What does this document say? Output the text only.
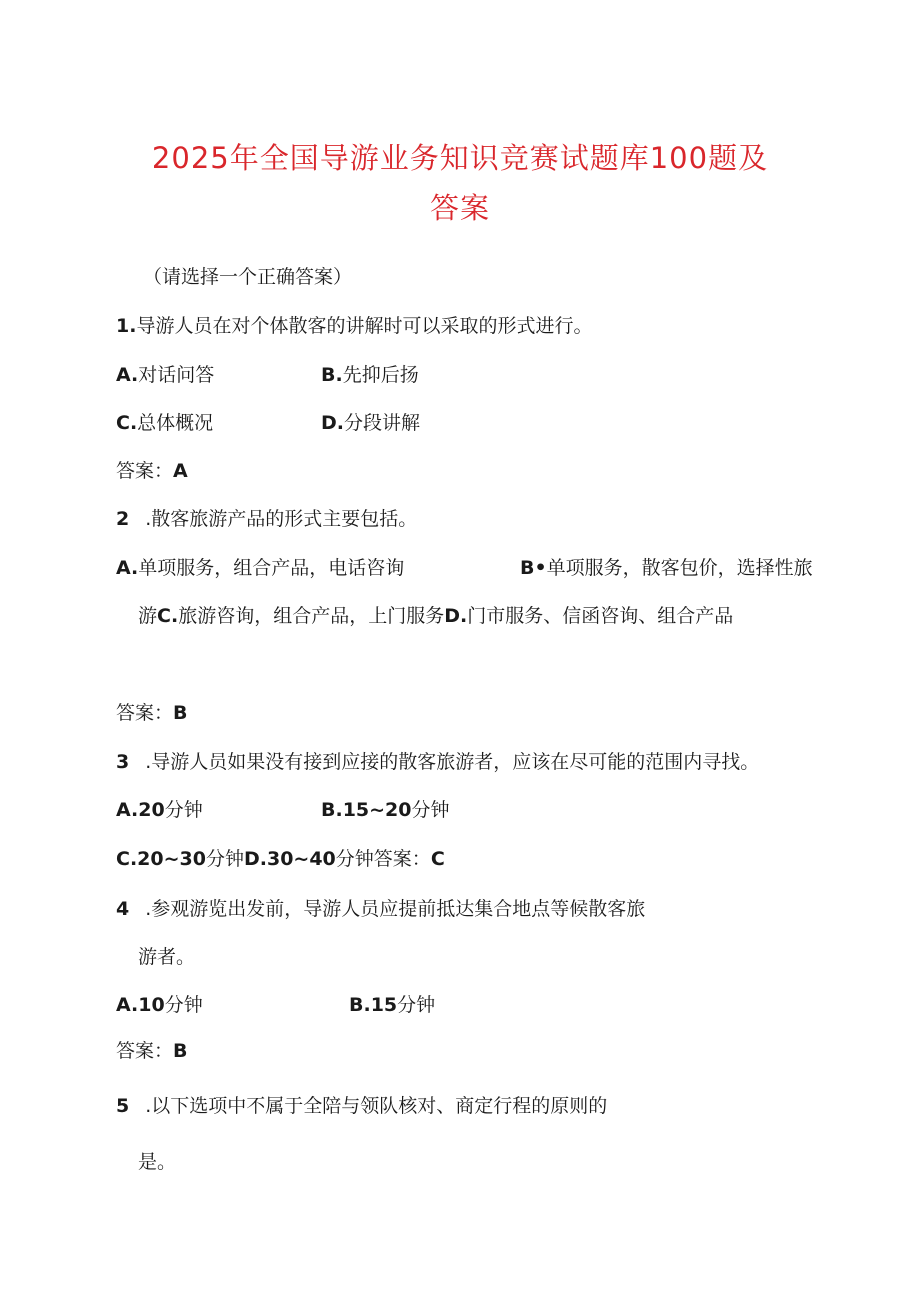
2025年全国导游业务知识竞赛试题库100题及
答案
（请选择一个正确答案）
1.导游人员在对个体散客的讲解时可以采取的形式进行。
A.对话问答	B.先抑后扬
C.总体概况	D.分段讲解
答案：A
2 .散客旅游产品的形式主要包括。
A.单项服务，组合产品，电话咨询	B•单项服务，散客包价，选择性旅
游C.旅游咨询，组合产品，上门服务D.门市服务、信函咨询、组合产品
答案：B
3 .导游人员如果没有接到应接的散客旅游者，应该在尽可能的范围内寻找。
A.20分钟	B.15~20分钟
C.20~30分钟D.30~40分钟答案：C
4 .参观游览出发前，导游人员应提前抵达集合地点等候散客旅
游者。
A.10分钟	B.15分钟
答案：B
5 .以下选项中不属于全陪与领队核对、商定行程的原则的
是。
